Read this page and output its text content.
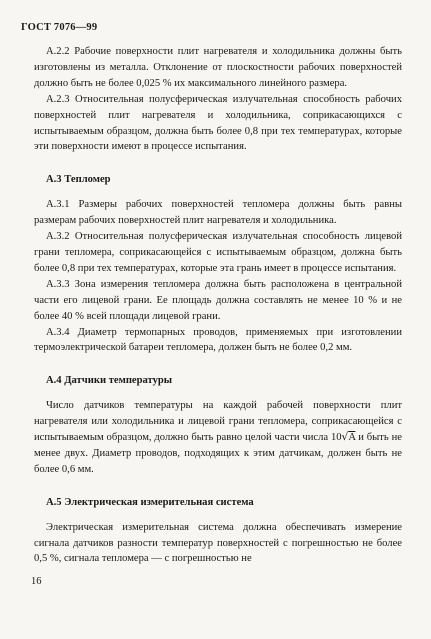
ГОСТ 7076—99

А.2.2 Рабочие поверхности плит нагревателя и холодильника должны быть изготовлены из металла. Отклонение от плоскостности рабочих поверхностей должно быть не более 0,025 % их максимального линейного размера.

А.2.3 Относительная полусферическая излучательная способность рабочих поверхностей плит нагревателя и холодильника, соприкасающихся с испытываемым образцом, должна быть более 0,8 при тех температурах, которые эти поверхности имеют в процессе испытания.

А.3 Тепломер

А.3.1 Размеры рабочих поверхностей тепломера должны быть равны размерам рабочих поверхностей плит нагревателя и холодильника.

А.3.2 Относительная полусферическая излучательная способность лицевой грани тепломера, соприкасающейся с испытываемым образцом, должна быть более 0,8 при тех температурах, которые эта грань имеет в процессе испытания.

А.3.3 Зона измерения тепломера должна быть расположена в центральной части его лицевой грани. Ее площадь должна составлять не менее 10 % и не более 40 % всей площади лицевой грани.

А.3.4 Диаметр термопарных проводов, применяемых при изготовлении термоэлектрической батареи тепломера, должен быть не более 0,2 мм.

А.4 Датчики температуры

Число датчиков температуры на каждой рабочей поверхности плит нагревателя или холодильника и лицевой грани тепломера, соприкасающейся с испытываемым образцом, должно быть равно целой части числа 10√A и быть не менее двух. Диаметр проводов, подходящих к этим датчикам, должен быть не более 0,6 мм.

А.5 Электрическая измерительная система

Электрическая измерительная система должна обеспечивать измерение сигнала датчиков разности температур поверхностей с погрешностью не более 0,5 %, сигнала тепломера — с погрешностью не

16
